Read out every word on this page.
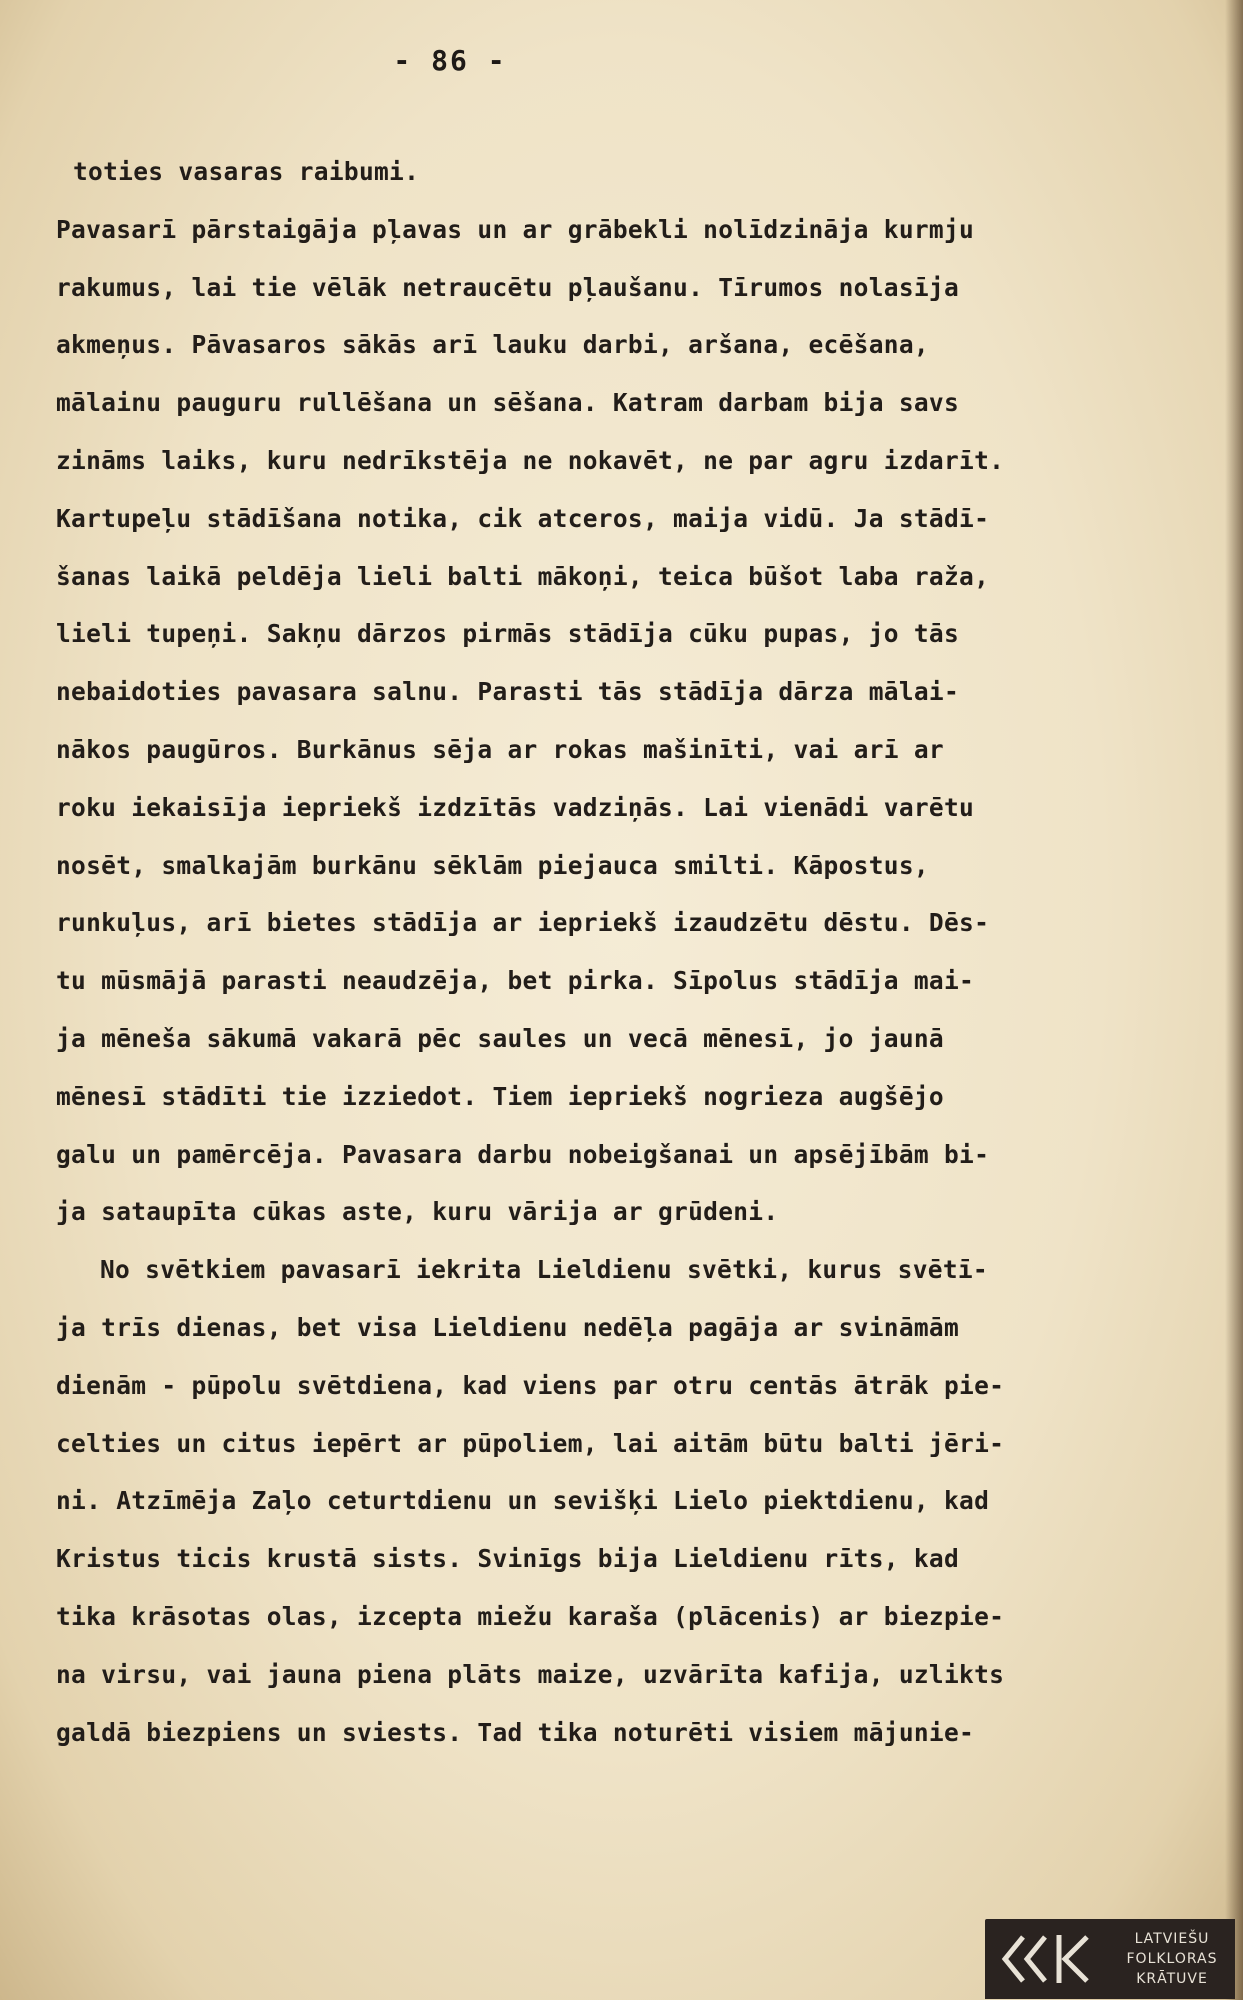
- 86 -
toties vasaras raibumi.
Pavasarī pārstaigāja pļavas un ar grābekli nolīdzināja kurmju
rakumus, lai tie vēlāk netraucētu pļaušanu. Tīrumos nolasīja
akmeņus. Pāvasaros sākās arī lauku darbi, aršana, ecēšana,
mālainu pauguru rullēšana un sēšana. Katram darbam bija savs
zināms laiks, kuru nedrīkstēja ne nokavēt, ne par agru izdarīt.
Kartupeļu stādīšana notika, cik atceros, maija vidū. Ja stādī-
šanas laikā peldēja lieli balti mākoņi, teica būšot laba raža,
lieli tupeņi. Sakņu dārzos pirmās stādīja cūku pupas, jo tās
nebaidoties pavasara salnu. Parasti tās stādīja dārza mālai-
nākos paugūros. Burkānus sēja ar rokas mašinīti, vai arī ar
roku iekaisīja iepriekš izdzītās vadziņās. Lai vienādi varētu
nosēt, smalkajām burkānu sēklām piejauca smilti. Kāpostus,
runkuļus, arī bietes stādīja ar iepriekš izaudzētu dēstu. Dēs-
tu mūsmājā parasti neaudzēja, bet pirka. Sīpolus stādīja mai-
ja mēneša sākumā vakarā pēc saules un vecā mēnesī, jo jaunā
mēnesī stādīti tie izziedot. Tiem iepriekš nogrieza augšējo
galu un pamērcēja. Pavasara darbu nobeigšanai un apsējībām bi-
ja sataupīta cūkas aste, kuru vārija ar grūdeni.
No svētkiem pavasarī iekrita Lieldienu svētki, kurus svētī-
ja trīs dienas, bet visa Lieldienu nedēļa pagāja ar svināmām
dienām - pūpolu svētdiena, kad viens par otru centās ātrāk pie-
celties un citus iepērt ar pūpoliem, lai aitām būtu balti jēri-
ni. Atzīmēja Zaļo ceturtdienu un sevišķi Lielo piektdienu, kad
Kristus ticis krustā sists. Svinīgs bija Lieldienu rīts, kad
tika krāsotas olas, izcepta miežu karaša (plācenis) ar biezpie-
na virsu, vai jauna piena plāts maize, uzvārīta kafija, uzlikts
galdā biezpiens un sviests. Tad tika noturēti visiem mājunie-
LATVIEŠU
FOLKLORAS
KRĀTUVE
